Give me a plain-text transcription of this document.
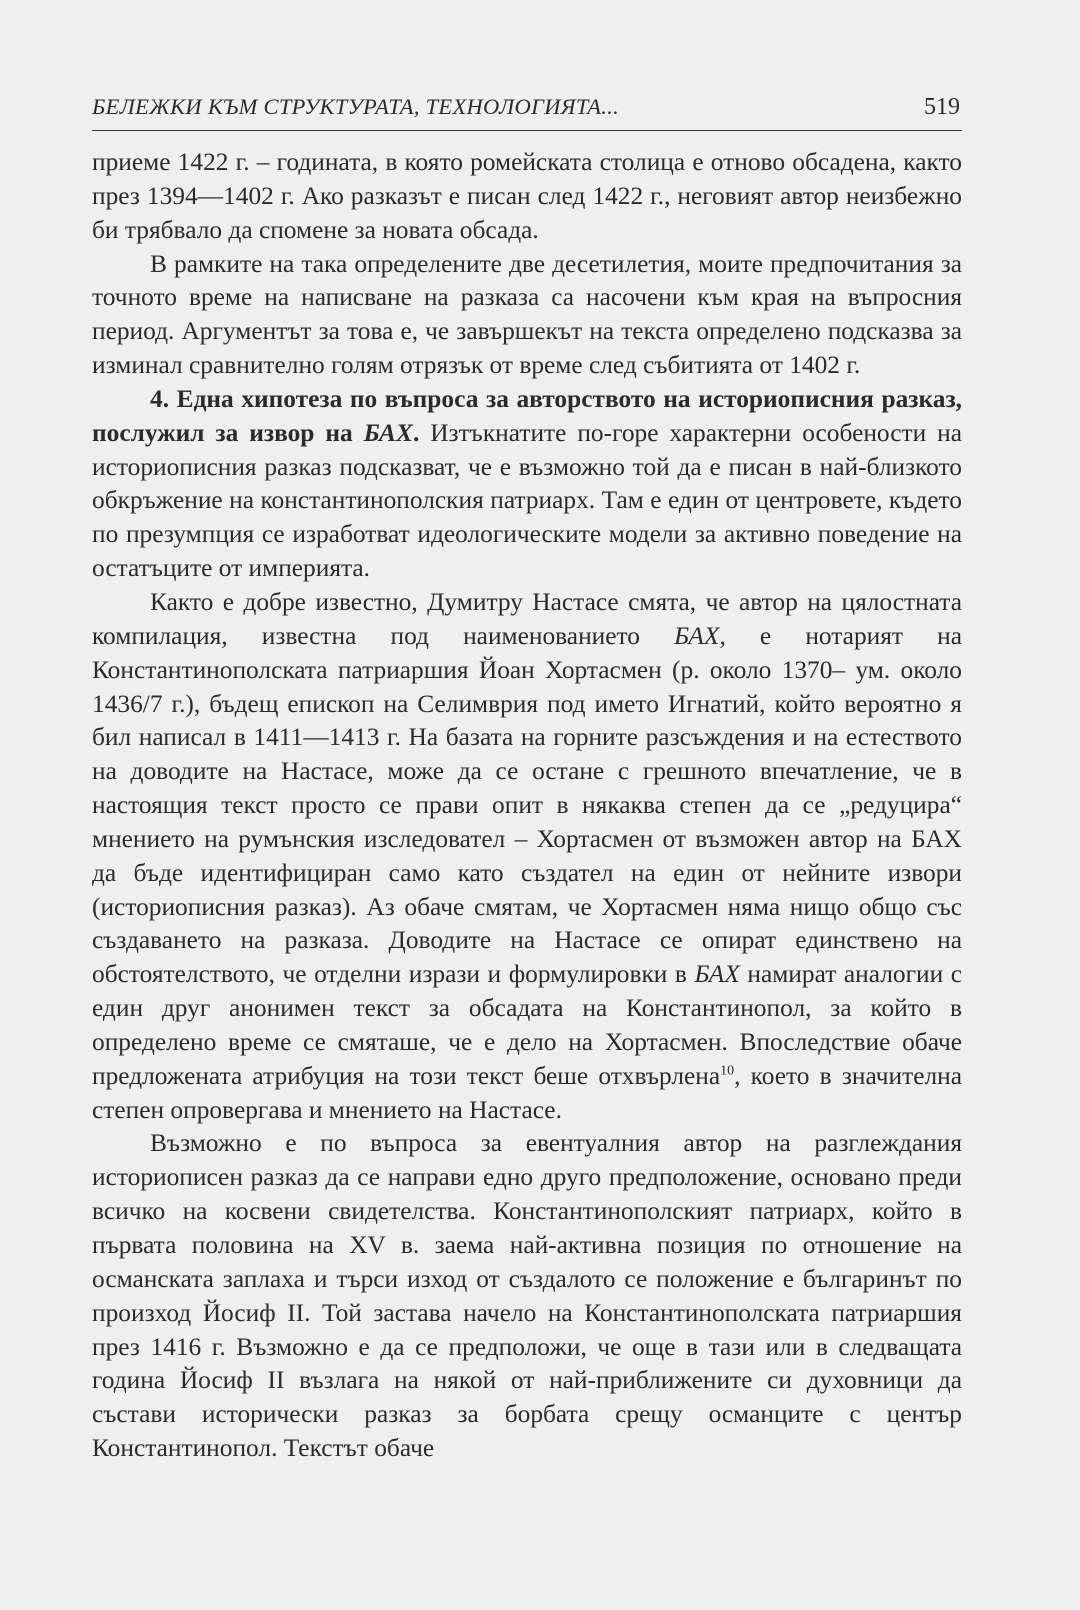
БЕЛЕЖКИ КЪМ СТРУКТУРАТА, ТЕХНОЛОГИЯТА...	519

приеме 1422 г. – годината, в която ромейската столица е отново обсадена, както през 1394—1402 г. Ако разказът е писан след 1422 г., неговият автор неизбежно би трябвало да спомене за новата обсада.

В рамките на така определените две десетилетия, моите предпочитания за точното време на написване на разказа са насочени към края на въпросния период. Аргументът за това е, че завършекът на текста определено подсказва за изминал сравнително голям отрязък от време след събитията от 1402 г.

4. Една хипотеза по въпроса за авторството на историописния разказ, послужил за извор на БАХ. Изтъкнатите по-горе характерни особености на историописния разказ подсказват, че е възможно той да е писан в най-близкото обкръжение на константинополския патриарх. Там е един от центровете, където по презумпция се изработват идеологическите модели за активно поведение на остатъците от империята.

Както е добре известно, Думитру Настасе смята, че автор на цялостната компилация, известна под наименованието БАХ, е нотарият на Константинополската патриаршия Йоан Хортасмен (р. около 1370– ум. около 1436/7 г.), бъдещ епископ на Селимврия под името Игнатий, който вероятно я бил написал в 1411—1413 г. На базата на горните разсъждения и на естеството на доводите на Настасе, може да се остане с грешното впечатление, че в настоящия текст просто се прави опит в някаква степен да се „редуцира“ мнението на румънския изследовател – Хортасмен от възможен автор на БАХ да бъде идентифициран само като създател на един от нейните извори (историописния разказ). Аз обаче смятам, че Хортасмен няма нищо общо със създаването на разказа. Доводите на Настасе се опират единствено на обстоятелството, че отделни изрази и формулировки в БАХ намират аналогии с един друг анонимен текст за обсадата на Константинопол, за който в определено време се смяташе, че е дело на Хортасмен. Впоследствие обаче предложената атрибуция на този текст беше отхвърлена$^{10}$, което в значителна степен опровергава и мнението на Настасе.

Възможно е по въпроса за евентуалния автор на разглеждания историописен разказ да се направи едно друго предположение, основано преди всичко на косвени свидетелства. Константинополският патриарх, който в първата половина на XV в. заема най-активна позиция по отношение на османската заплаха и търси изход от създалото се положение е българинът по произход Йосиф II. Той застава начело на Константинополската патриаршия през 1416 г. Възможно е да се предположи, че още в тази или в следващата година Йосиф II възлага на някой от най-приближените си духовници да състави исторически разказ за борбата срещу османците с център Константинопол. Текстът обаче
